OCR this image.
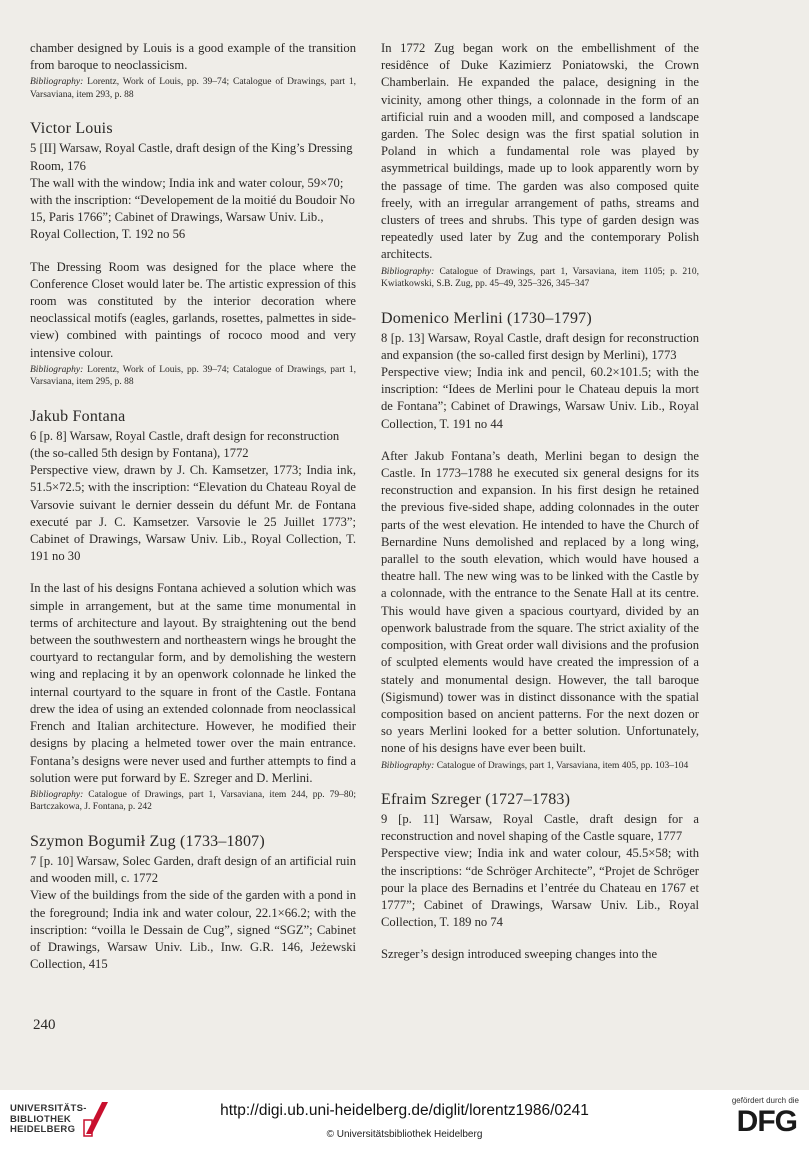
chamber designed by Louis is a good example of the transition from baroque to neoclassicism.

Bibliography: Lorentz, Work of Louis, pp. 39–74; Catalogue of Drawings, part 1, Varsaviana, item 293, p. 88
Victor Louis

5 [II] Warsaw, Royal Castle, draft design of the King’s Dressing Room, 176

The wall with the window; India ink and water colour, 59×70; with the inscription: “Developement de la moitié du Boudoir No 15, Paris 1766”; Cabinet of Drawings, Warsaw Univ. Lib., Royal Collection, T. 192 no 56

The Dressing Room was designed for the place where the Conference Closet would later be. The artistic expression of this room was constituted by the interior decoration where neoclassical motifs (eagles, garlands, rosettes, palmettes in side-view) combined with paintings of rococo mood and very intensive colour.

Bibliography: Lorentz, Work of Louis, pp. 39–74; Catalogue of Drawings, part 1, Varsaviana, item 295, p. 88
Jakub Fontana

6 [p. 8] Warsaw, Royal Castle, draft design for reconstruction (the so-called 5th design by Fontana), 1772

Perspective view, drawn by J. Ch. Kamsetzer, 1773; India ink, 51.5×72.5; with the inscription: “Elevation du Chateau Royal de Varsovie suivant le dernier dessein du défunt Mr. de Fontana executé par J. C. Kamsetzer. Varsovie le 25 Juillet 1773”; Cabinet of Drawings, Warsaw Univ. Lib., Royal Collection, T. 191 no 30

In the last of his designs Fontana achieved a solution which was simple in arrangement, but at the same time monumental in terms of architecture and layout. By straightening out the bend between the southwestern and northeastern wings he brought the courtyard to rectangular form, and by demolishing the western wing and replacing it by an openwork colonnade he linked the internal courtyard to the square in front of the Castle. Fontana drew the idea of using an extended colonnade from neoclassical French and Italian architecture. However, he modified their designs by placing a helmeted tower over the main entrance. Fontana’s designs were never used and further attempts to find a solution were put forward by E. Szreger and D. Merlini.

Bibliography: Catalogue of Drawings, part 1, Varsaviana, item 244, pp. 79–80; Bartczakowa, J. Fontana, p. 242
Szymon Bogumił Zug (1733–1807)

7 [p. 10] Warsaw, Solec Garden, draft design of an artificial ruin and wooden mill, c. 1772

View of the buildings from the side of the garden with a pond in the foreground; India ink and water colour, 22.1×66.2; with the inscription: “voilla le Dessain de Cug”, signed “SGZ”; Cabinet of Drawings, Warsaw Univ. Lib., Inw. G.R. 146, Jeżewski Collection, 415

In 1772 Zug began work on the embellishment of the residênce of Duke Kazimierz Poniatowski, the Crown Chamberlain. He expanded the palace, designing in the vicinity, among other things, a colonnade in the form of an artificial ruin and a wooden mill, and composed a landscape garden. The Solec design was the first spatial solution in Poland in which a fundamental role was played by asymmetrical buildings, made up to look apparently worn by the passage of time. The garden was also composed quite freely, with an irregular arrangement of paths, streams and clusters of trees and shrubs. This type of garden design was repeatedly used later by Zug and the contemporary Polish architects.

Bibliography: Catalogue of Drawings, part 1, Varsaviana, item 1105; p. 210, Kwiatkowski, S.B. Zug, pp. 45–49, 325–326, 345–347
Domenico Merlini (1730–1797)

8 [p. 13] Warsaw, Royal Castle, draft design for reconstruction and expansion (the so-called first design by Merlini), 1773

Perspective view; India ink and pencil, 60.2×101.5; with the inscription: “Idees de Merlini pour le Chateau depuis la mort de Fontana”; Cabinet of Drawings, Warsaw Univ. Lib., Royal Collection, T. 191 no 44

After Jakub Fontana’s death, Merlini began to design the Castle. In 1773–1788 he executed six general designs for its reconstruction and expansion. In his first design he retained the previous five-sided shape, adding colonnades in the outer parts of the west elevation. He intended to have the Church of Bernardine Nuns demolished and replaced by a long wing, parallel to the south elevation, which would have housed a theatre hall. The new wing was to be linked with the Castle by a colonnade, with the entrance to the Senate Hall at its centre. This would have given a spacious courtyard, divided by an openwork balustrade from the square. The strict axiality of the composition, with Great order wall divisions and the profusion of sculpted elements would have created the impression of a stately and monumental design. However, the tall baroque (Sigismund) tower was in distinct dissonance with the spatial composition based on ancient patterns. For the next dozen or so years Merlini looked for a better solution. Unfortunately, none of his designs have ever been built.

Bibliography: Catalogue of Drawings, part 1, Varsaviana, item 405, pp. 103–104
Efraim Szreger (1727–1783)

9 [p. 11] Warsaw, Royal Castle, draft design for a reconstruction and novel shaping of the Castle square, 1777

Perspective view; India ink and water colour, 45.5×58; with the inscriptions: “de Schröger Architecte”, “Projet de Schröger pour la place des Bernadins et l’entrée du Chateau en 1767 et 1777”; Cabinet of Drawings, Warsaw Univ. Lib., Royal Collection, T. 189 no 74

Szreger’s design introduced sweeping changes into the

240
UNIVERSITÄTS-
BIBLIOTHEK
HEIDELBERG
http://digi.ub.uni-heidelberg.de/diglit/lorentz1986/0241
© Universitätsbibliothek Heidelberg
gefördert durch die
DFG
